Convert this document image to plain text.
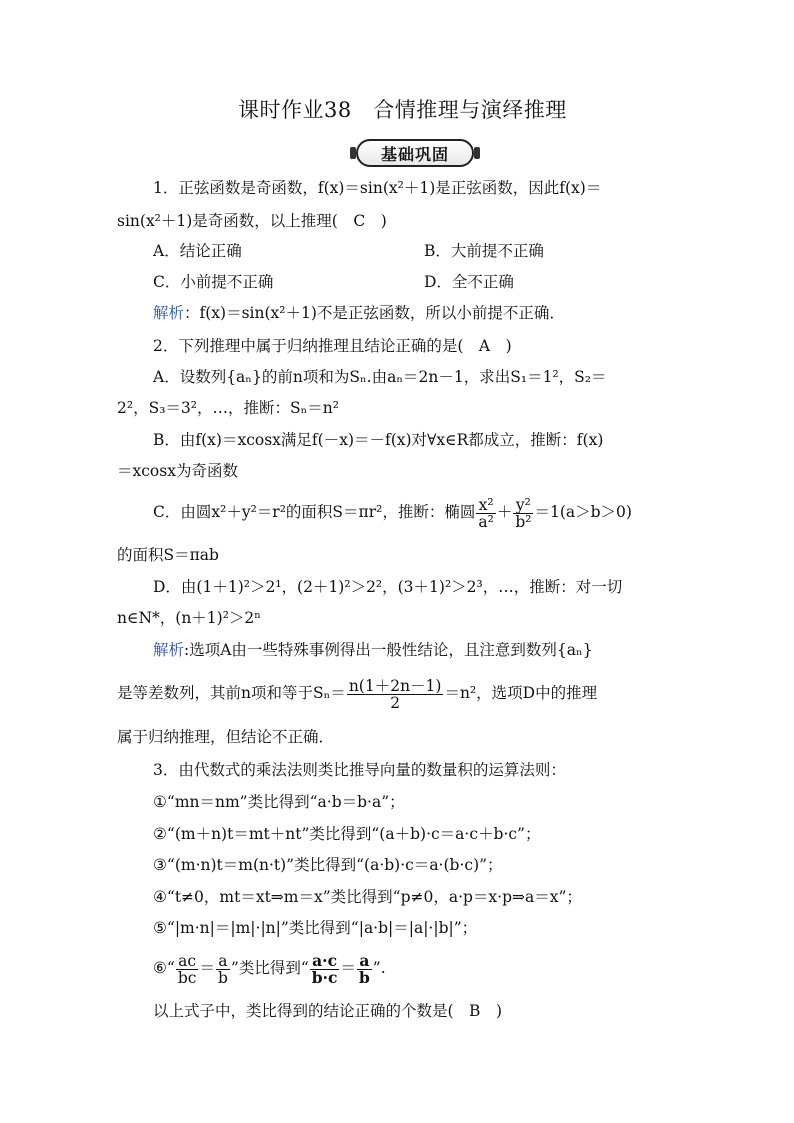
课时作业38　合情推理与演绎推理
基础巩固
1．正弦函数是奇函数，f(x)＝sin(x²＋1)是正弦函数，因此f(x)＝
sin(x²＋1)是奇函数，以上推理(　C　)
A．结论正确	B．大前提不正确
C．小前提不正确	D．全不正确
解析：f(x)＝sin(x²＋1)不是正弦函数，所以小前提不正确．
2．下列推理中属于归纳推理且结论正确的是(　A　)
A．设数列{aₙ}的前n项和为Sₙ.由aₙ＝2n－1，求出S₁＝1²，S₂＝
2²，S₃＝3²，…，推断：Sₙ＝n²
B．由f(x)＝xcosx满足f(－x)＝－f(x)对∀x∈R都成立，推断：f(x)
＝xcosx为奇函数
C．由圆x²＋y²＝r²的面积S＝πr²，推断：椭圆 $\frac{\text{x²}}{\text{a²}} + \frac{\text{y²}}{\text{b²}} =1(a>b>0)$
的面积S＝πab
D．由(1＋1)²＞2¹，(2＋1)²＞2²，(3＋1)²＞2³，…，推断：对一切
n∈N*，(n＋1)²＞2ⁿ
解析:选项A由一些特殊事例得出一般性结论，且注意到数列{aₙ}
是等差数列，其前n项和等于$S_n= \frac{n(1+2n-1)}{2} =n^2$，选项D中的推理
属于归纳推理，但结论不正确．
3．由代数式的乘法法则类比推导向量的数量积的运算法则：
①“mn＝nm”类比得到“a·b＝b·a”；
②“(m＋n)t＝mt＋nt”类比得到“(a＋b)·c＝a·c＋b·c”；
③“(m·n)t＝m(n·t)”类比得到“(a·b)·c＝a·(b·c)”；
④“t≠0，mt＝xt⇒m＝x”类比得到“p≠0，a·p＝x·p⇒a＝x”；
⑤“|m·n|＝|m|·|n|”类比得到“|a·b|＝|a|·|b|”；
⑥“ $\frac{ac}{bc} = \frac{a}{b}$ ”类比得到“ $\frac{a\cdot c}{b\cdot c} = \frac{a}{b}$ ”.
以上式子中，类比得到的结论正确的个数是(　B　)
